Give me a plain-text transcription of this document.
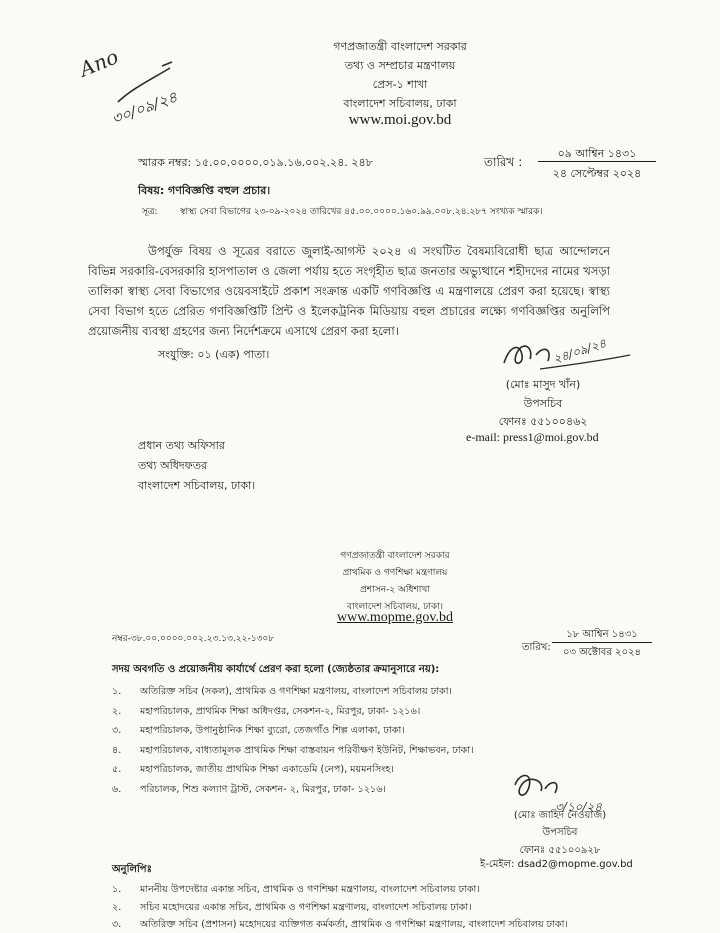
Ano
৩০/০৯/২৪
গণপ্রজাতন্ত্রী বাংলাদেশ সরকার
তথ্য ও সম্প্রচার মন্ত্রণালয়
প্রেস-১ শাখা
বাংলাদেশ সচিবালয়, ঢাকা
www.moi.gov.bd
স্মারক নম্বর: ১৫.০০.০০০০.০১৯.১৬.০০২.২৪. ২৪৮	তারিখ :
০৯ আশ্বিন ১৪৩১
২৪ সেপ্টেম্বর ২০২৪
বিষয়: গণবিজ্ঞপ্তি বহুল প্রচার।
সূত্র: স্বাস্থ্য সেবা বিভাগের ২৩-০৯-২০২৪ তারিখের ৪৫.০০.০০০০.১৬০.৯৯.০০৮.২৪.২৮৭ সংখ্যক স্মারক।
উপর্যুক্ত বিষয় ও সূত্রের বরাতে জুলাই-আগস্ট ২০২৪ এ সংঘটিত বৈষম্যবিরোধী ছাত্র আন্দোলনে বিভিন্ন সরকারি-বেসরকারি হাসপাতাল ও জেলা পর্যায় হতে সংগৃহীত ছাত্র জনতার অভ্যুত্থানে শহীদদের নামের খসড়া তালিকা স্বাস্থ্য সেবা বিভাগের ওয়েবসাইটে প্রকাশ সংক্রান্ত একটি গণবিজ্ঞপ্তি এ মন্ত্রণালয়ে প্রেরণ করা হয়েছে। স্বাস্থ্য সেবা বিভাগ হতে প্রেরিত গণবিজ্ঞপ্তিটি প্রিন্ট ও ইলেকট্রনিক মিডিয়ায় বহুল প্রচারের লক্ষ্যে গণবিজ্ঞপ্তির অনুলিপি প্রয়োজনীয় ব্যবস্থা গ্রহণের জন্য নির্দেশক্রমে এসাথে প্রেরণ করা হলো।
সংযুক্তি: ০১ (এক) পাতা।	২৪/০৯/২৪
(মোঃ মাসুদ খাঁন)
উপসচিব
ফোনঃ ৫৫১০০৪৬২
e-mail: press1@moi.gov.bd
প্রধান তথ্য অফিসার
তথ্য অধিদফতর
বাংলাদেশ সচিবালয়, ঢাকা।
গণপ্রজাতন্ত্রী বাংলাদেশ সরকার
প্রাথমিক ও গণশিক্ষা মন্ত্রণালয়
প্রশাসন-২ অধিশাখা
বাংলাদেশ সচিবালয়, ঢাকা।
www.mopme.gov.bd
নম্বর-৩৮.০০.০০০০.০০২.২৩.১৩.২২-১৩০৮
তারিখ:
১৮ আশ্বিন ১৪৩১
০৩ অক্টোবর ২০২৪
সদয় অবগতি ও প্রয়োজনীয় কার্যার্থে প্রেরণ করা হলো (জ্যেষ্ঠতার ক্রমানুসারে নয়):
১. অতিরিক্ত সচিব (সকল), প্রাথমিক ও গণশিক্ষা মন্ত্রণালয়, বাংলাদেশ সচিবালয় ঢাকা।
২. মহাপরিচালক, প্রাথমিক শিক্ষা অধিদপ্তর, সেকশন-২, মিরপুর, ঢাকা- ১২১৬।
৩. মহাপরিচালক, উপানুষ্ঠানিক শিক্ষা ব্যুরো, তেজগাঁও শিল্প এলাকা, ঢাকা।
৪. মহাপরিচালক, বাধ্যতামূলক প্রাথমিক শিক্ষা বাস্তবায়ন পরিবীক্ষণ ইউনিট, শিক্ষাভবন, ঢাকা।
৫. মহাপরিচালক, জাতীয় প্রাথমিক শিক্ষা একাডেমি (নেপ), ময়মনসিংহ।
৬. পরিচালক, শিশু কল্যাণ ট্রাস্ট, সেকশন- ২, মিরপুর, ঢাকা- ১২১৬।
৩/১০/২৪
(মোঃ জাহিদ নেওয়াজ)
উপসচিব
ফোনঃ ৫৫১০০৯২৮
ই-মেইল: dsad2@mopme.gov.bd
অনুলিপিঃ
১. মাননীয় উপদেষ্টার একান্ত সচিব, প্রাথমিক ও গণশিক্ষা মন্ত্রণালয়, বাংলাদেশ সচিবালয় ঢাকা।
২. সচিব মহোদয়ের একান্ত সচিব, প্রাথমিক ও গণশিক্ষা মন্ত্রণালয়, বাংলাদেশ সচিবালয় ঢাকা।
৩. অতিরিক্ত সচিব (প্রশাসন) মহোদয়ের ব্যক্তিগত কর্মকর্তা, প্রাথমিক ও গণশিক্ষা মন্ত্রণালয়, বাংলাদেশ সচিবালয় ঢাকা।
